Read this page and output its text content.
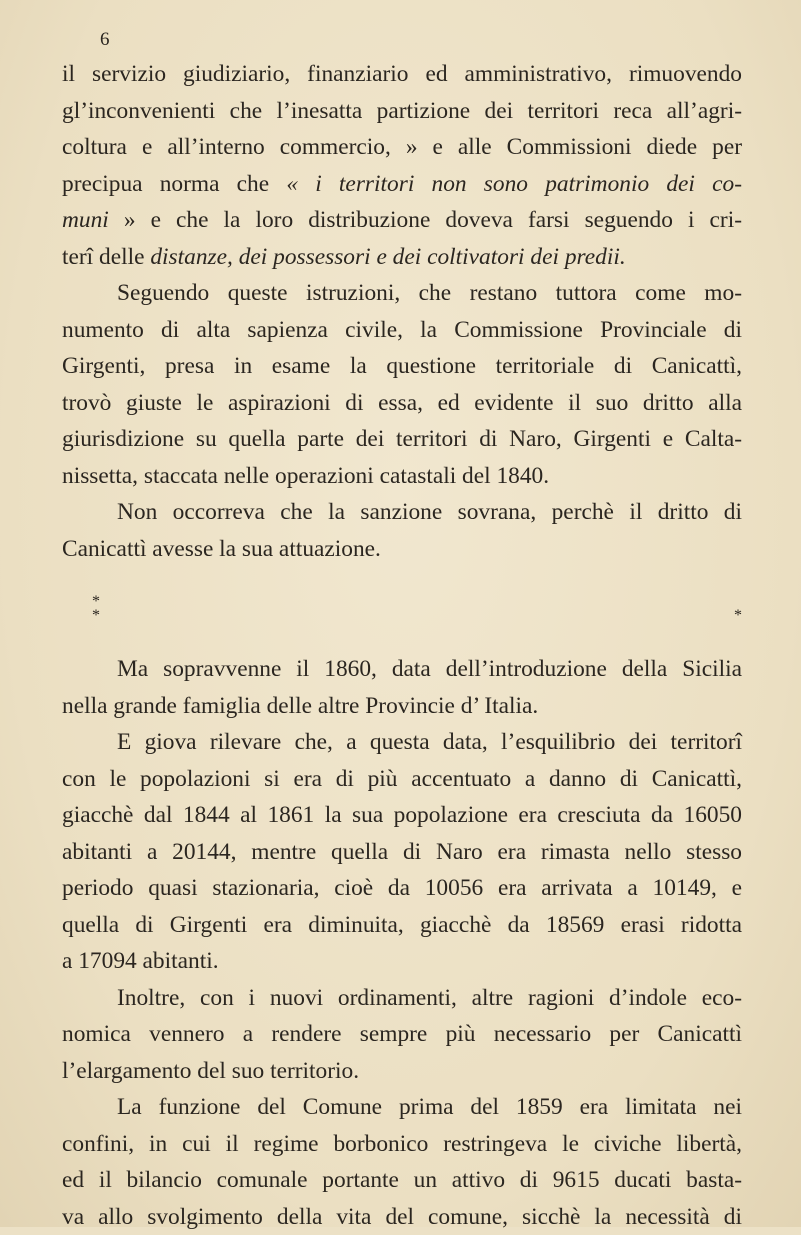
6
il servizio giudiziario, finanziario ed amministrativo, rimuovendo
gl’inconvenienti che l’inesatta partizione dei territori reca all’agri-
coltura e all’interno commercio, » e alle Commissioni diede per
precipua norma che « i territori non sono patrimonio dei co-
muni » e che la loro distribuzione doveva farsi seguendo i cri-
terî delle distanze, dei possessori e dei coltivatori dei predii.
Seguendo queste istruzioni, che restano tuttora come mo-
numento di alta sapienza civile, la Commissione Provinciale di
Girgenti, presa in esame la questione territoriale di Canicattì,
trovò giuste le aspirazioni di essa, ed evidente il suo dritto alla
giurisdizione su quella parte dei territori di Naro, Girgenti e Calta-
nissetta, staccata nelle operazioni catastali del 1840.
Non occorreva che la sanzione sovrana, perchè il dritto di
Canicattì avesse la sua attuazione.
*
* *
Ma sopravvenne il 1860, data dell’introduzione della Sicilia
nella grande famiglia delle altre Provincie d’ Italia.
E giova rilevare che, a questa data, l’esquilibrio dei territorî
con le popolazioni si era di più accentuato a danno di Canicattì,
giacchè dal 1844 al 1861 la sua popolazione era cresciuta da 16050
abitanti a 20144, mentre quella di Naro era rimasta nello stesso
periodo quasi stazionaria, cioè da 10056 era arrivata a 10149, e
quella di Girgenti era diminuita, giacchè da 18569 erasi ridotta
a 17094 abitanti.
Inoltre, con i nuovi ordinamenti, altre ragioni d’indole eco-
nomica vennero a rendere sempre più necessario per Canicattì
l’elargamento del suo territorio.
La funzione del Comune prima del 1859 era limitata nei
confini, in cui il regime borbonico restringeva le civiche libertà,
ed il bilancio comunale portante un attivo di 9615 ducati basta-
va allo svolgimento della vita del comune, sicchè la necessità di
